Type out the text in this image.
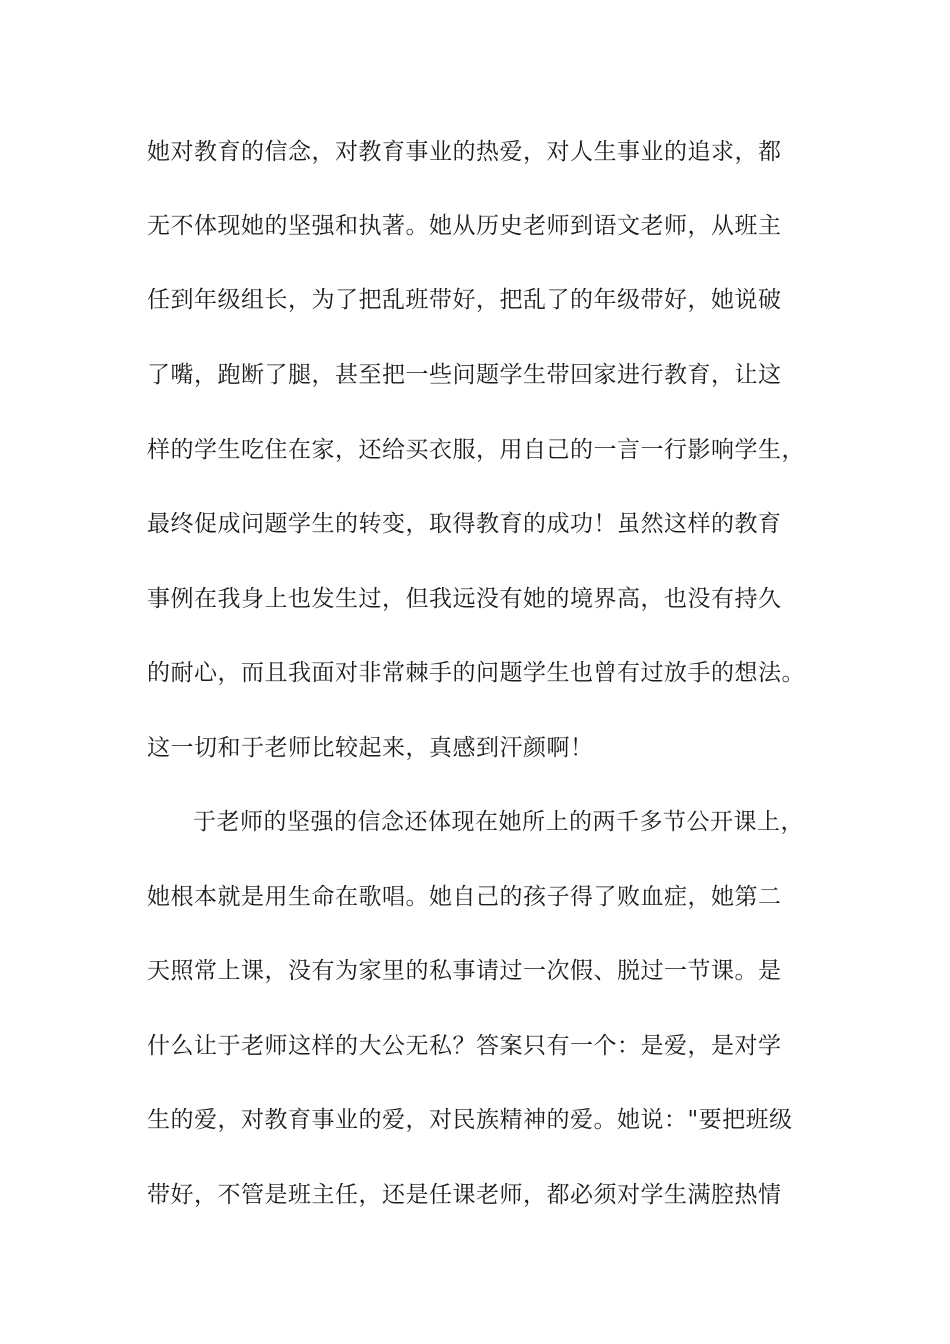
她对教育的信念，对教育事业的热爱，对人生事业的追求，都
无不体现她的坚强和执著。她从历史老师到语文老师，从班主
任到年级组长，为了把乱班带好，把乱了的年级带好，她说破
了嘴，跑断了腿，甚至把一些问题学生带回家进行教育，让这
样的学生吃住在家，还给买衣服，用自己的一言一行影响学生，
最终促成问题学生的转变，取得教育的成功！虽然这样的教育
事例在我身上也发生过，但我远没有她的境界高，也没有持久
的耐心，而且我面对非常棘手的问题学生也曾有过放手的想法。
这一切和于老师比较起来，真感到汗颜啊！
于老师的坚强的信念还体现在她所上的两千多节公开课上，
她根本就是用生命在歌唱。她自己的孩子得了败血症，她第二
天照常上课，没有为家里的私事请过一次假、脱过一节课。是
什么让于老师这样的大公无私？答案只有一个：是爱，是对学
生的爱，对教育事业的爱，对民族精神的爱。她说："要把班级
带好，不管是班主任，还是任课老师，都必须对学生满腔热情
